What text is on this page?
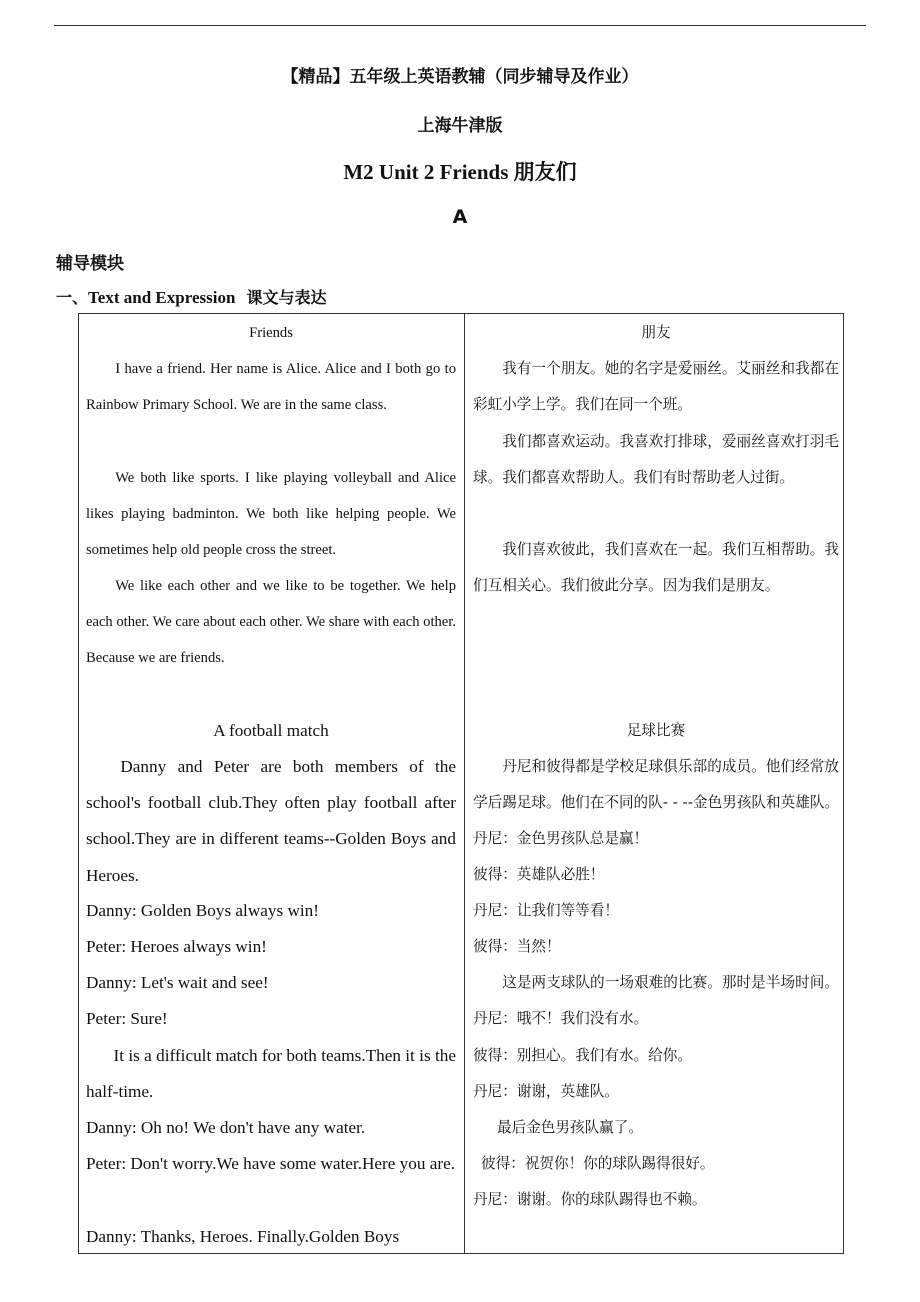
【精品】五年级上英语教辅（同步辅导及作业）
上海牛津版
M2 Unit 2 Friends 朋友们
A
辅导模块
一、Text and Expression 课文与表达
Friends
I have a friend. Her name is Alice. Alice and I both go to Rainbow Primary School. We are in the same class.
We both like sports. I like playing volleyball and Alice likes playing badminton. We both like helping people. We sometimes help old people cross the street.
We like each other and we like to be together. We help each other. We care about each other. We share with each other. Because we are friends.
朋友
我有一个朋友。她的名字是爱丽丝。艾丽丝和我都在彩虹小学上学。我们在同一个班。
我们都喜欢运动。我喜欢打排球，爱丽丝喜欢打羽毛球。我们都喜欢帮助人。我们有时帮助老人过街。
我们喜欢彼此，我们喜欢在一起。我们互相帮助。我们互相关心。我们彼此分享。因为我们是朋友。
A football match
Danny and Peter are both members of the school's football club.They often play football after school.They are in different teams--Golden Boys and Heroes.
Danny: Golden Boys always win!
Peter: Heroes always win!
Danny: Let's wait and see!
Peter: Sure!
It is a difficult match for both teams.Then it is the half-time.
Danny: Oh no! We don't have any water.
Peter: Don't worry.We have some water.Here you are.
Danny: Thanks, Heroes. Finally.Golden Boys
足球比赛
丹尼和彼得都是学校足球俱乐部的成员。他们经常放学后踢足球。他们在不同的队- - --金色男孩队和英雄队。 丹尼：金色男孩队总是赢！
彼得：英雄队必胜！
丹尼：让我们等等看！
彼得：当然！
这是两支球队的一场艰难的比赛。那时是半场时间。 丹尼：哦不！我们没有水。
彼得：别担心。我们有水。给你。
丹尼：谢谢，英雄队。
最后金色男孩队赢了。
彼得：祝贺你！你的球队踢得很好。
丹尼：谢谢。你的球队踢得也不赖。
